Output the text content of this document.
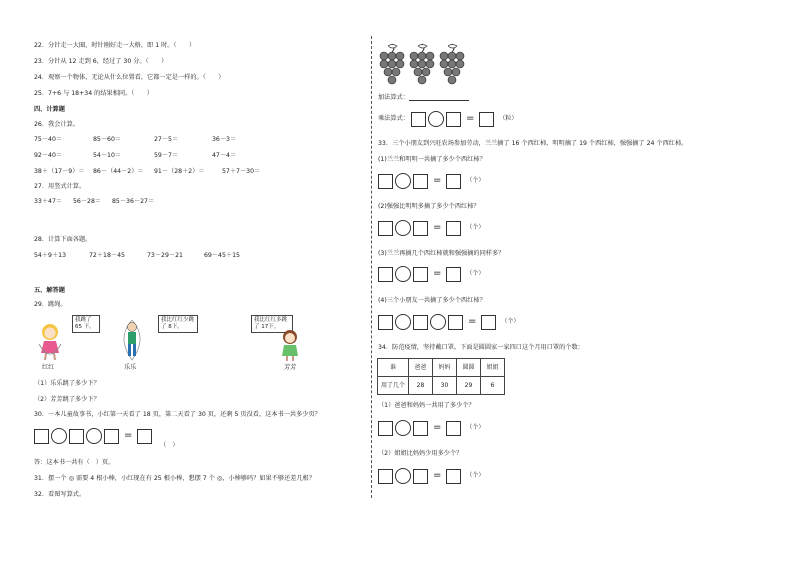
22．分针走一大圈，时针刚好走一大格，即 1 时。（　　）
23．分针从 12 走到 6，经过了 30 分。（　　）
24．观察一个物体，无论从什么位置看，它都一定是一样的。（　　）
25．7+6 与 18+34 的结果相同。（　　）
四、计算题
26．我会计算。
75－40＝	85－60＝	27－5＝	36－3＝
92－40＝	54－10＝	59－7＝	47－4＝
38＋（17－9）＝ 86－（44－2）＝ 91－（28＋2）＝	57＋7－30＝
27．用竖式计算。
33＋47＝ 56－28＝ 85－36－27＝
28．计算下面各题。
54＋9＋13	72＋18－45	73－29－21	69－45＋15
五、解答题
29．跳绳。
我跳了 65 下。
我比红红少跳了 8下。
我比红红多跳了 17下。
红红	乐乐	芳芳
（1）乐乐跳了多少下？
（2）芳芳跳了多少下？
30．一本儿童故事书，小红第一天看了 18 页，第二天看了 30 页，还剩 5 页没看，这本书一共多少页？
=
（　）
答：这本书一共有（　）页。
31．摆一个 ◎ 需要 4 根小棒，小红现在有 25 根小棒，想摆 7 个 ◎，小棒够吗？如果不够还差几根？
32．看图写算式。
加法算式：
乘法算式：	=	（粒）
33．三个小朋友到兴旺农场参加劳动，兰兰摘了 16 个西红柿，明明摘了 19 个西红柿，强强摘了 24 个西红柿。
(1)兰兰和明明一共摘了多少个西红柿？
=	（个）
(2)强强比明明多摘了多少个西红柿？
=	（个）
(3)兰兰再摘几个西红柿就和强强摘的同样多？
=	（个）
(4)三个小朋友一共摘了多少个西红柿？
=	（个）
34．防范疫情，坚持戴口罩。下面是圆圆家一家四口这个月用口罩的个数：
谁	爸爸	妈妈	圆圆	姐姐
用了几个	28	30	29	6
（1）爸爸和妈妈一共用了多少个？
=	（个）
（2）姐姐比妈妈少用多少个？
=	（个）
